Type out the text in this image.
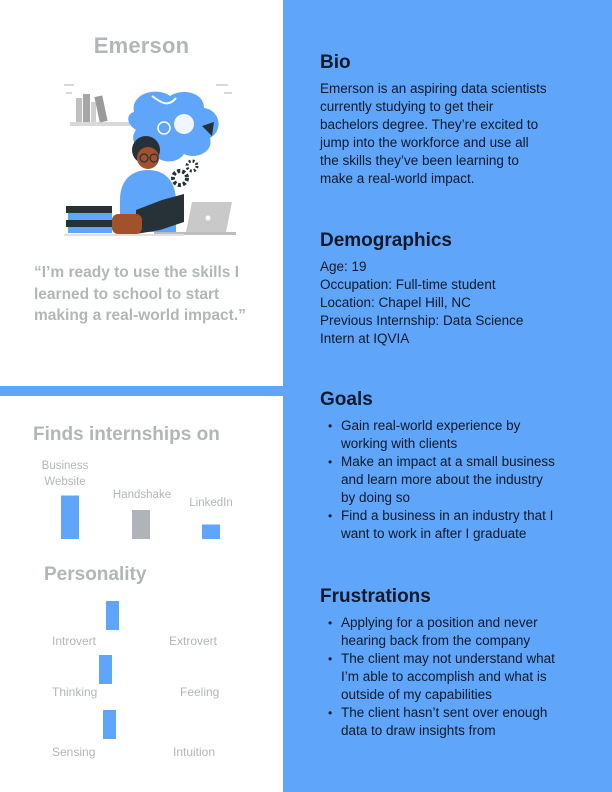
Emerson
“I’m ready to use the skills I learned to school to start making a real-world impact.”
Finds internships on
Business
Website
Handshake
LinkedIn
Personality
Introvert	Extrovert
Thinking	Feeling
Sensing	Intuition
Bio
Emerson is an aspiring data scientists
currently studying to get their
bachelors degree. They’re excited to
jump into the workforce and use all
the skills they’ve been learning to
make a real-world impact.
Demographics
Age: 19
Occupation: Full-time student
Location: Chapel Hill, NC
Previous Internship: Data Science
Intern at IQVIA
Goals
• Gain real-world experience by
working with clients
• Make an impact at a small business
and learn more about the industry
by doing so
• Find a business in an industry that I
want to work in after I graduate
Frustrations
• Applying for a position and never
hearing back from the company
• The client may not understand what
I’m able to accomplish and what is
outside of my capabilities
• The client hasn’t sent over enough
data to draw insights from
